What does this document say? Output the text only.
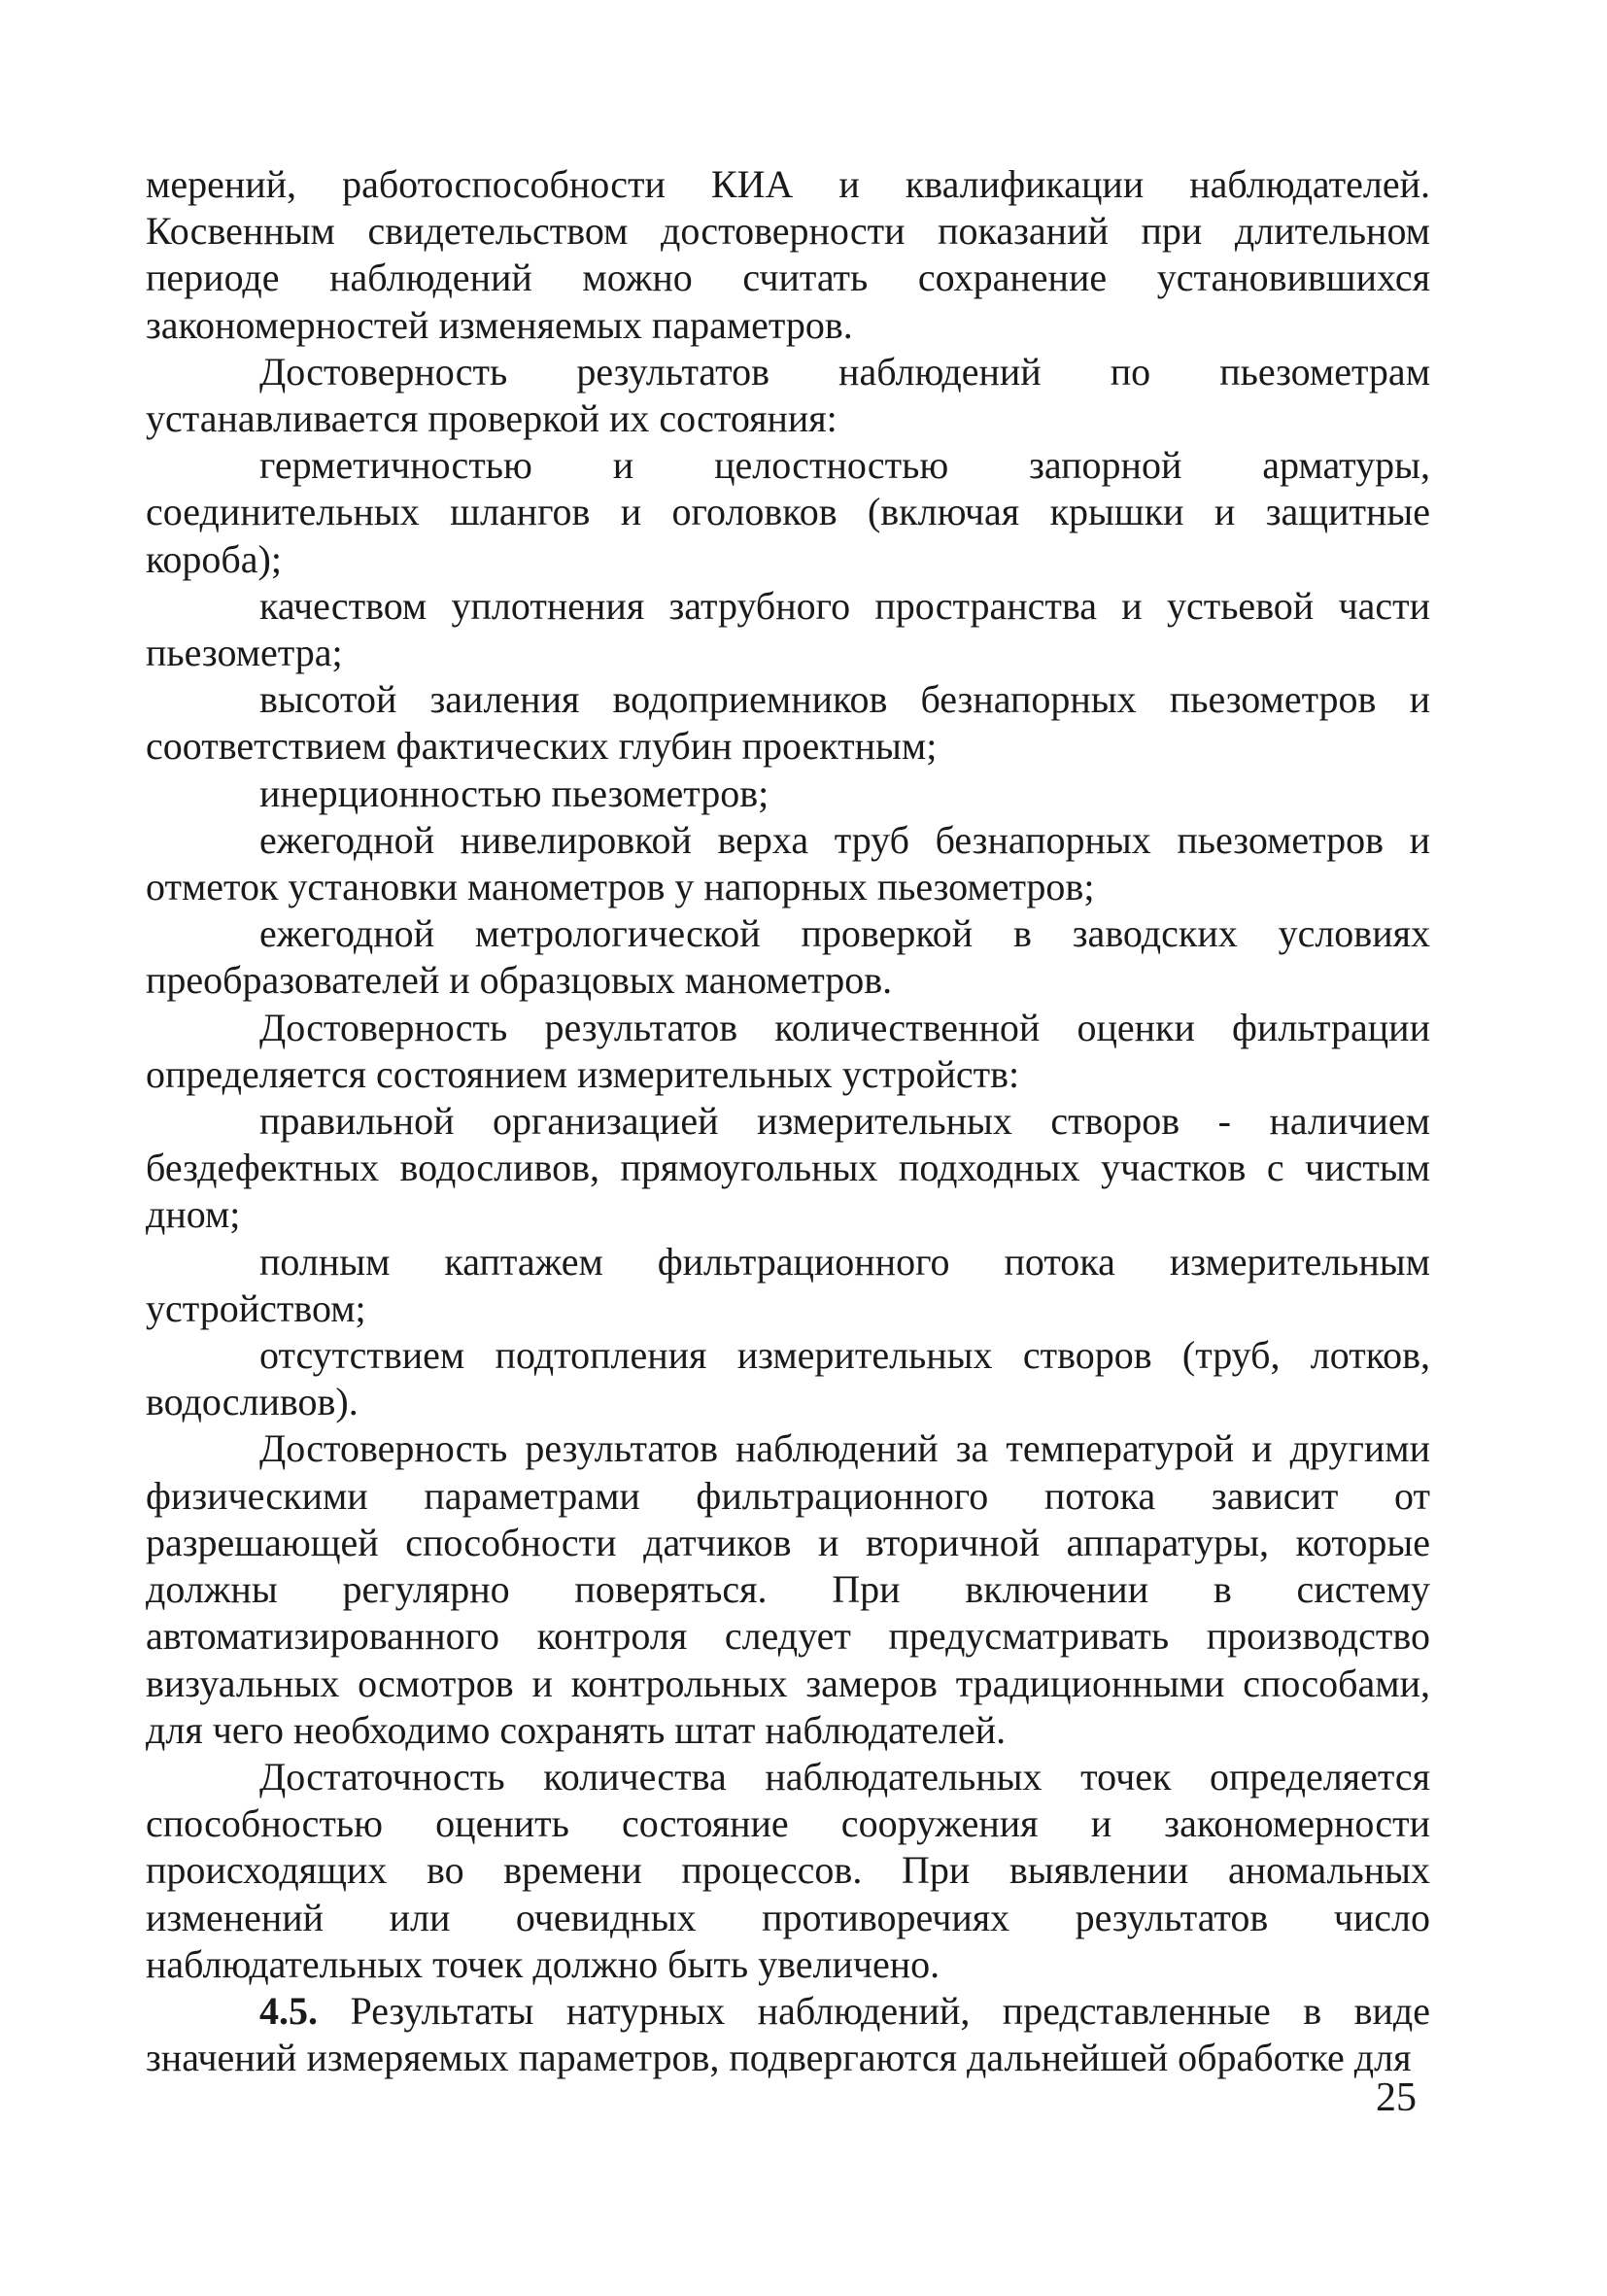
мерений, работоспособности КИА и квалификации наблюдателей. Косвенным свидетельством достоверности показаний при длительном периоде наблюдений можно считать сохранение установившихся закономерностей изменяемых параметров.

Достоверность результатов наблюдений по пьезометрам устанавливается проверкой их состояния:

герметичностью и целостностью запорной арматуры, соединительных шлангов и оголовков (включая крышки и защитные короба);

качеством уплотнения затрубного пространства и устьевой части пьезометра;

высотой заиления водоприемников безнапорных пьезометров и соответствием фактических глубин проектным;

инерционностью пьезометров;

ежегодной нивелировкой верха труб безнапорных пьезометров и отметок установки манометров у напорных пьезометров;

ежегодной метрологической проверкой в заводских условиях преобразователей и образцовых манометров.

Достоверность результатов количественной оценки фильтрации определяется состоянием измерительных устройств:

правильной организацией измерительных створов - наличием бездефектных водосливов, прямоугольных подходных участков с чистым дном;

полным каптажем фильтрационного потока измерительным устройством;

отсутствием подтопления измерительных створов (труб, лотков, водосливов).

Достоверность результатов наблюдений за температурой и другими физическими параметрами фильтрационного потока зависит от разрешающей способности датчиков и вторичной аппаратуры, которые должны регулярно поверяться. При включении в систему автоматизированного контроля следует предусматривать производство визуальных осмотров и контрольных замеров традиционными способами, для чего необходимо сохранять штат наблюдателей.

Достаточность количества наблюдательных точек определяется способностью оценить состояние сооружения и закономерности происходящих во времени процессов. При выявлении аномальных изменений или очевидных противоречиях результатов число наблюдательных точек должно быть увеличено.

4.5. Результаты натурных наблюдений, представленные в виде значений измеряемых параметров, подвергаются дальнейшей обработке для

25
